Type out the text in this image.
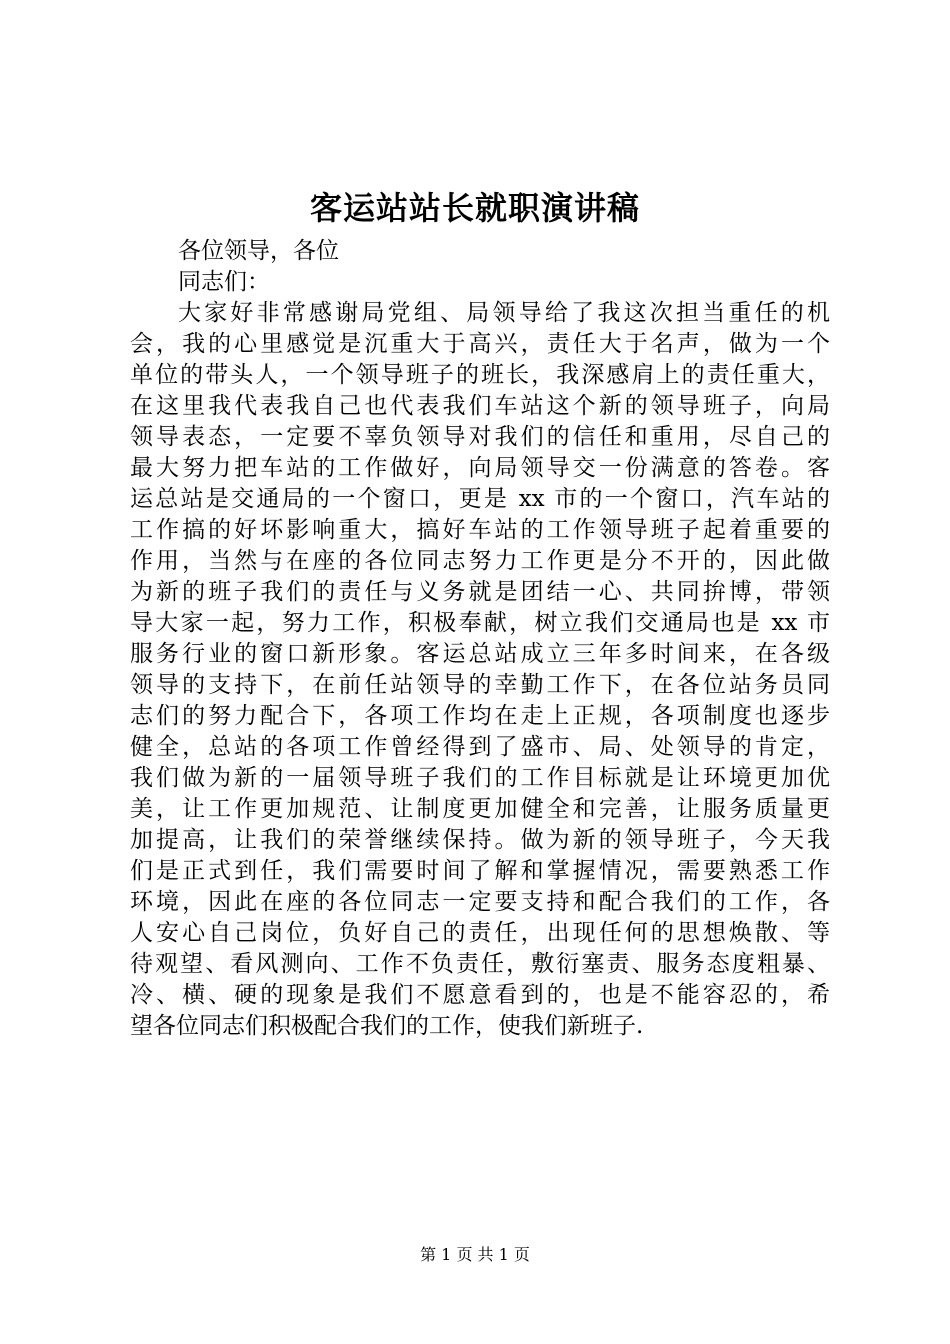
客运站站长就职演讲稿
各位领导，各位
同志们：
大家好非常感谢局党组、局领导给了我这次担当重任的机
会，我的心里感觉是沉重大于高兴，责任大于名声，做为一个
单位的带头人，一个领导班子的班长，我深感肩上的责任重大，
在这里我代表我自己也代表我们车站这个新的领导班子，向局
领导表态，一定要不辜负领导对我们的信任和重用，尽自己的
最大努力把车站的工作做好，向局领导交一份满意的答卷。客
运总站是交通局的一个窗口，更是 xx 市的一个窗口，汽车站的
工作搞的好坏影响重大，搞好车站的工作领导班子起着重要的
作用，当然与在座的各位同志努力工作更是分不开的，因此做
为新的班子我们的责任与义务就是团结一心、共同拚博，带领
导大家一起，努力工作，积极奉献，树立我们交通局也是 xx 市
服务行业的窗口新形象。客运总站成立三年多时间来，在各级
领导的支持下，在前任站领导的幸勤工作下，在各位站务员同
志们的努力配合下，各项工作均在走上正规，各项制度也逐步
健全，总站的各项工作曾经得到了盛市、局、处领导的肯定，
我们做为新的一届领导班子我们的工作目标就是让环境更加优
美，让工作更加规范、让制度更加健全和完善，让服务质量更
加提高，让我们的荣誉继续保持。做为新的领导班子，今天我
们是正式到任，我们需要时间了解和掌握情况，需要熟悉工作
环境，因此在座的各位同志一定要支持和配合我们的工作，各
人安心自己岗位，负好自己的责任，出现任何的思想焕散、等
待观望、看风测向、工作不负责任，敷衍塞责、服务态度粗暴、
冷、横、硬的现象是我们不愿意看到的，也是不能容忍的，希
望各位同志们积极配合我们的工作，使我们新班子.
第 1 页 共 1 页
